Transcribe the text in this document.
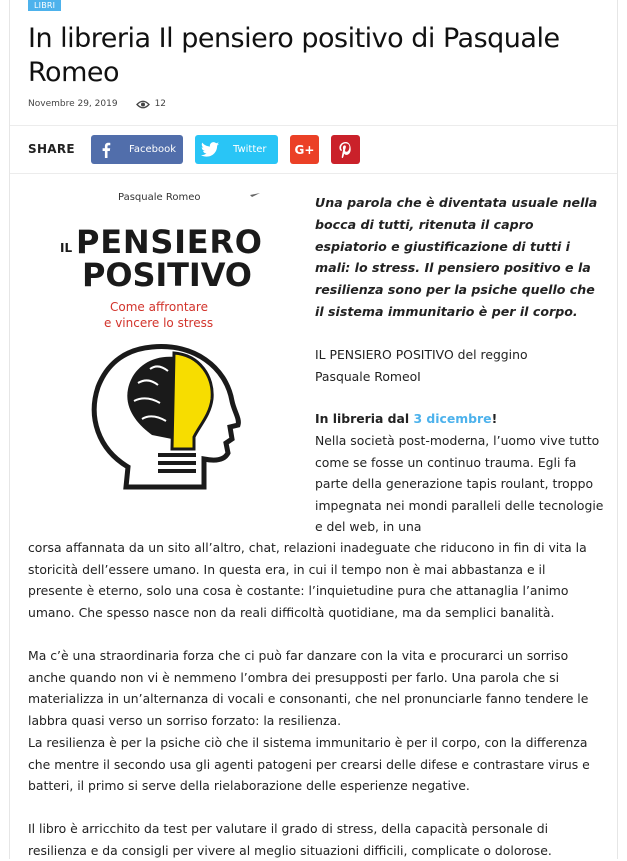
LIBRI
In libreria Il pensiero positivo di Pasquale Romeo
Novembre 29, 2019	12
SHARE	Facebook	Twitter G+
Pasquale Romeo
IL PENSIERO
POSITIVO
Come affrontare
e vincere lo stress

Una parola che è diventata usuale nella bocca di tutti, ritenuta il capro espiatorio e giustificazione di tutti i mali: lo stress. Il pensiero positivo e la resilienza sono per la psiche quello che il sistema immunitario è per il corpo.

IL PENSIERO POSITIVO del reggino
Pasquale RomeoI

In libreria dal 3 dicembre!

Nella società post-moderna, l’uomo vive tutto come se fosse un continuo trauma. Egli fa parte della generazione tapis roulant, troppo impegnata nei mondi paralleli delle tecnologie e del web, in una

corsa affannata da un sito all’altro, chat, relazioni inadeguate che riducono in fin di vita la storicità dell’essere umano. In questa era, in cui il tempo non è mai abbastanza e il presente è eterno, solo una cosa è costante: l’inquietudine pura che attanaglia l’animo umano. Che spesso nasce non da reali difficoltà quotidiane, ma da semplici banalità.

Ma c’è una straordinaria forza che ci può far danzare con la vita e procurarci un sorriso anche quando non vi è nemmeno l’ombra dei presupposti per farlo. Una parola che si materializza in un’alternanza di vocali e consonanti, che nel pronunciarle fanno tendere le labbra quasi verso un sorriso forzato: la resilienza.

La resilienza è per la psiche ciò che il sistema immunitario è per il corpo, con la differenza che mentre il secondo usa gli agenti patogeni per crearsi delle difese e contrastare virus e batteri, il primo si serve della rielaborazione delle esperienze negative.

Il libro è arricchito da test per valutare il grado di stress, della capacità personale di resilienza e da consigli per vivere al meglio situazioni difficili, complicate o dolorose.
